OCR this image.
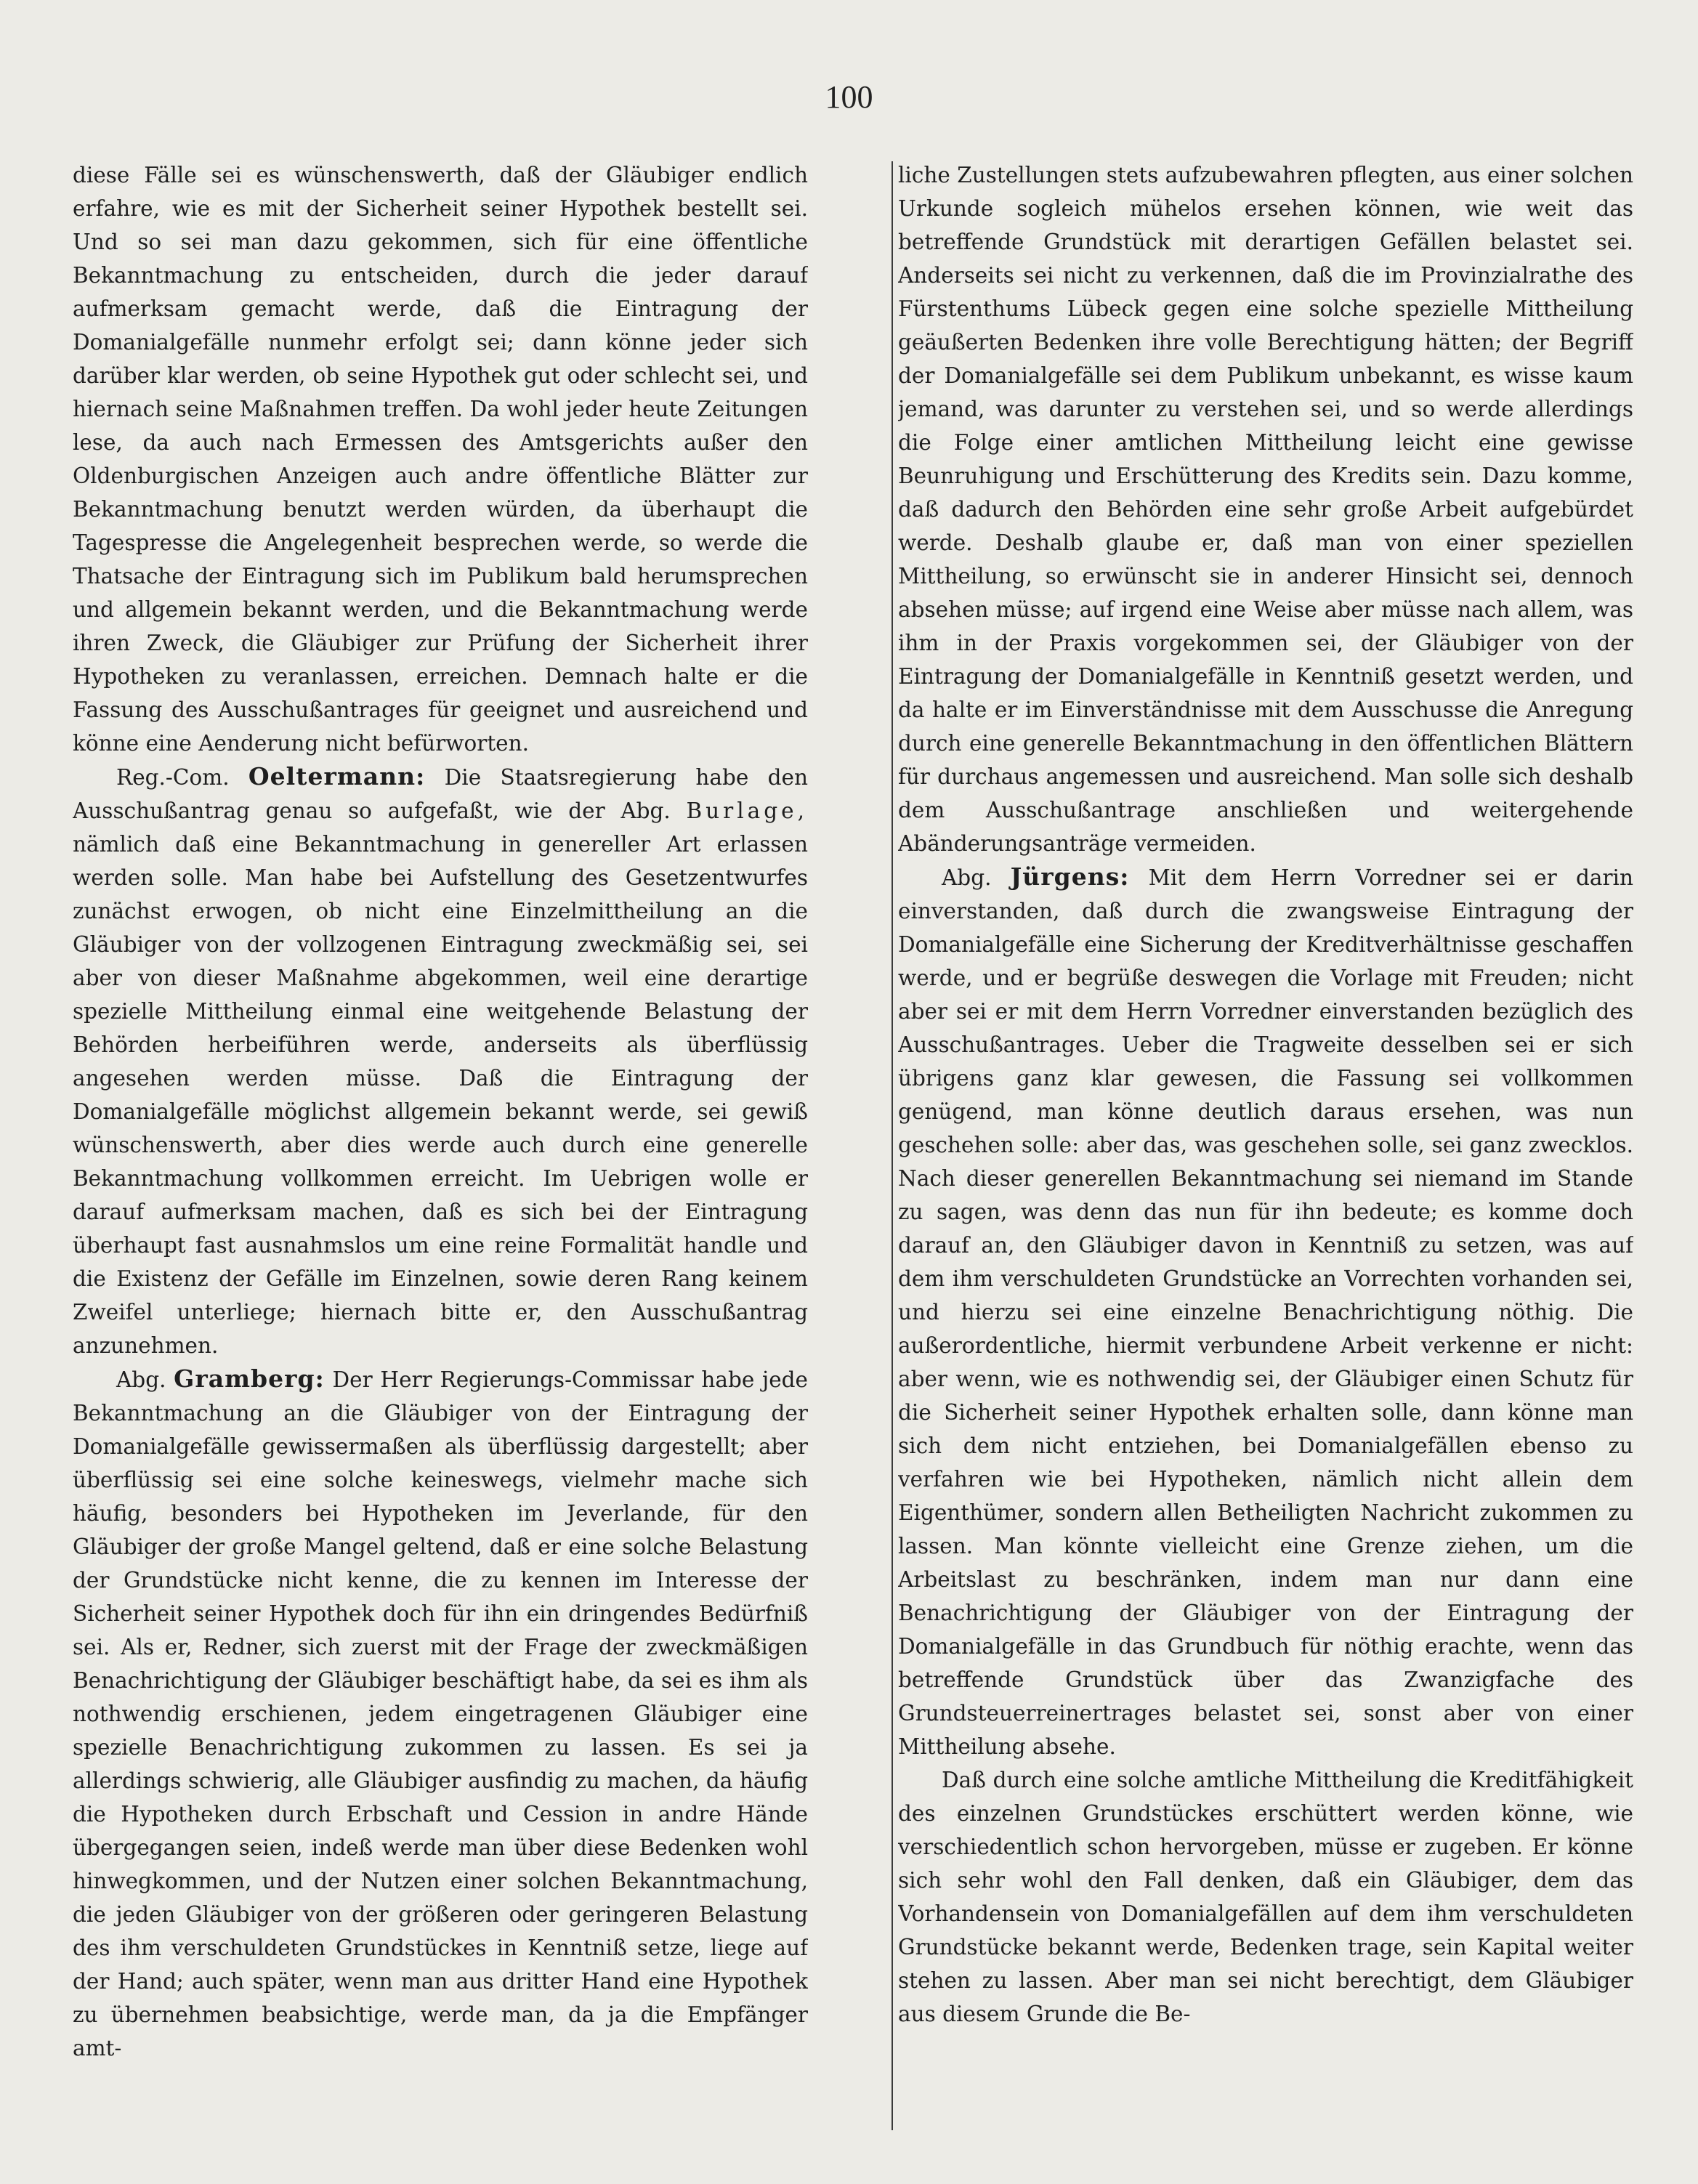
100

diese Fälle sei es wünschenswerth, daß der Gläubiger endlich erfahre, wie es mit der Sicherheit seiner Hypothek bestellt sei. Und so sei man dazu gekommen, sich für eine öffentliche Bekanntmachung zu entscheiden, durch die jeder darauf aufmerksam gemacht werde, daß die Eintragung der Domanialgefälle nunmehr erfolgt sei; dann könne jeder sich darüber klar werden, ob seine Hypothek gut oder schlecht sei, und hiernach seine Maßnahmen treffen. Da wohl jeder heute Zeitungen lese, da auch nach Ermessen des Amtsgerichts außer den Oldenburgischen Anzeigen auch andre öffentliche Blätter zur Bekanntmachung benutzt werden würden, da überhaupt die Tagespresse die Angelegenheit besprechen werde, so werde die Thatsache der Eintragung sich im Publikum bald herumsprechen und allgemein bekannt werden, und die Bekanntmachung werde ihren Zweck, die Gläubiger zur Prüfung der Sicherheit ihrer Hypotheken zu veranlassen, erreichen. Demnach halte er die Fassung des Ausschußantrages für geeignet und ausreichend und könne eine Aenderung nicht befürworten.

Reg.-Com. Oeltermann: Die Staatsregierung habe den Ausschußantrag genau so aufgefaßt, wie der Abg. Burlage, nämlich daß eine Bekanntmachung in genereller Art erlassen werden solle. Man habe bei Aufstellung des Gesetzentwurfes zunächst erwogen, ob nicht eine Einzelmittheilung an die Gläubiger von der vollzogenen Eintragung zweckmäßig sei, sei aber von dieser Maßnahme abgekommen, weil eine derartige spezielle Mittheilung einmal eine weitgehende Belastung der Behörden herbeiführen werde, anderseits als überflüssig angesehen werden müsse. Daß die Eintragung der Domanialgefälle möglichst allgemein bekannt werde, sei gewiß wünschenswerth, aber dies werde auch durch eine generelle Bekanntmachung vollkommen erreicht. Im Uebrigen wolle er darauf aufmerksam machen, daß es sich bei der Eintragung überhaupt fast ausnahmslos um eine reine Formalität handle und die Existenz der Gefälle im Einzelnen, sowie deren Rang keinem Zweifel unterliege; hiernach bitte er, den Ausschußantrag anzunehmen.

Abg. Gramberg: Der Herr Regierungs-Commissar habe jede Bekanntmachung an die Gläubiger von der Eintragung der Domanialgefälle gewissermaßen als überflüssig dargestellt; aber überflüssig sei eine solche keineswegs, vielmehr mache sich häufig, besonders bei Hypotheken im Jeverlande, für den Gläubiger der große Mangel geltend, daß er eine solche Belastung der Grundstücke nicht kenne, die zu kennen im Interesse der Sicherheit seiner Hypothek doch für ihn ein dringendes Bedürfniß sei. Als er, Redner, sich zuerst mit der Frage der zweckmäßigen Benachrichtigung der Gläubiger beschäftigt habe, da sei es ihm als nothwendig erschienen, jedem eingetragenen Gläubiger eine spezielle Benachrichtigung zukommen zu lassen. Es sei ja allerdings schwierig, alle Gläubiger ausfindig zu machen, da häufig die Hypotheken durch Erbschaft und Cession in andre Hände übergegangen seien, indeß werde man über diese Bedenken wohl hinwegkommen, und der Nutzen einer solchen Bekanntmachung, die jeden Gläubiger von der größeren oder geringeren Belastung des ihm verschuldeten Grundstückes in Kenntniß setze, liege auf der Hand; auch später, wenn man aus dritter Hand eine Hypothek zu übernehmen beabsichtige, werde man, da ja die Empfänger amt-

liche Zustellungen stets aufzubewahren pflegten, aus einer solchen Urkunde sogleich mühelos ersehen können, wie weit das betreffende Grundstück mit derartigen Gefällen belastet sei. Anderseits sei nicht zu verkennen, daß die im Provinzialrathe des Fürstenthums Lübeck gegen eine solche spezielle Mittheilung geäußerten Bedenken ihre volle Berechtigung hätten; der Begriff der Domanialgefälle sei dem Publikum unbekannt, es wisse kaum jemand, was darunter zu verstehen sei, und so werde allerdings die Folge einer amtlichen Mittheilung leicht eine gewisse Beunruhigung und Erschütterung des Kredits sein. Dazu komme, daß dadurch den Behörden eine sehr große Arbeit aufgebürdet werde. Deshalb glaube er, daß man von einer speziellen Mittheilung, so erwünscht sie in anderer Hinsicht sei, dennoch absehen müsse; auf irgend eine Weise aber müsse nach allem, was ihm in der Praxis vorgekommen sei, der Gläubiger von der Eintragung der Domanialgefälle in Kenntniß gesetzt werden, und da halte er im Einverständnisse mit dem Ausschusse die Anregung durch eine generelle Bekanntmachung in den öffentlichen Blättern für durchaus angemessen und ausreichend. Man solle sich deshalb dem Ausschußantrage anschließen und weitergehende Abänderungsanträge vermeiden.

Abg. Jürgens: Mit dem Herrn Vorredner sei er darin einverstanden, daß durch die zwangsweise Eintragung der Domanialgefälle eine Sicherung der Kreditverhältnisse geschaffen werde, und er begrüße deswegen die Vorlage mit Freuden; nicht aber sei er mit dem Herrn Vorredner einverstanden bezüglich des Ausschußantrages. Ueber die Tragweite desselben sei er sich übrigens ganz klar gewesen, die Fassung sei vollkommen genügend, man könne deutlich daraus ersehen, was nun geschehen solle: aber das, was geschehen solle, sei ganz zwecklos. Nach dieser generellen Bekanntmachung sei niemand im Stande zu sagen, was denn das nun für ihn bedeute; es komme doch darauf an, den Gläubiger davon in Kenntniß zu setzen, was auf dem ihm verschuldeten Grundstücke an Vorrechten vorhanden sei, und hierzu sei eine einzelne Benachrichtigung nöthig. Die außerordentliche, hiermit verbundene Arbeit verkenne er nicht: aber wenn, wie es nothwendig sei, der Gläubiger einen Schutz für die Sicherheit seiner Hypothek erhalten solle, dann könne man sich dem nicht entziehen, bei Domanialgefällen ebenso zu verfahren wie bei Hypotheken, nämlich nicht allein dem Eigenthümer, sondern allen Betheiligten Nachricht zukommen zu lassen. Man könnte vielleicht eine Grenze ziehen, um die Arbeitslast zu beschränken, indem man nur dann eine Benachrichtigung der Gläubiger von der Eintragung der Domanialgefälle in das Grundbuch für nöthig erachte, wenn das betreffende Grundstück über das Zwanzigfache des Grundsteuerreinertrages belastet sei, sonst aber von einer Mittheilung absehe.

Daß durch eine solche amtliche Mittheilung die Kreditfähigkeit des einzelnen Grundstückes erschüttert werden könne, wie verschiedentlich schon hervorgeben, müsse er zugeben. Er könne sich sehr wohl den Fall denken, daß ein Gläubiger, dem das Vorhandensein von Domanialgefällen auf dem ihm verschuldeten Grundstücke bekannt werde, Bedenken trage, sein Kapital weiter stehen zu lassen. Aber man sei nicht berechtigt, dem Gläubiger aus diesem Grunde die Be-
